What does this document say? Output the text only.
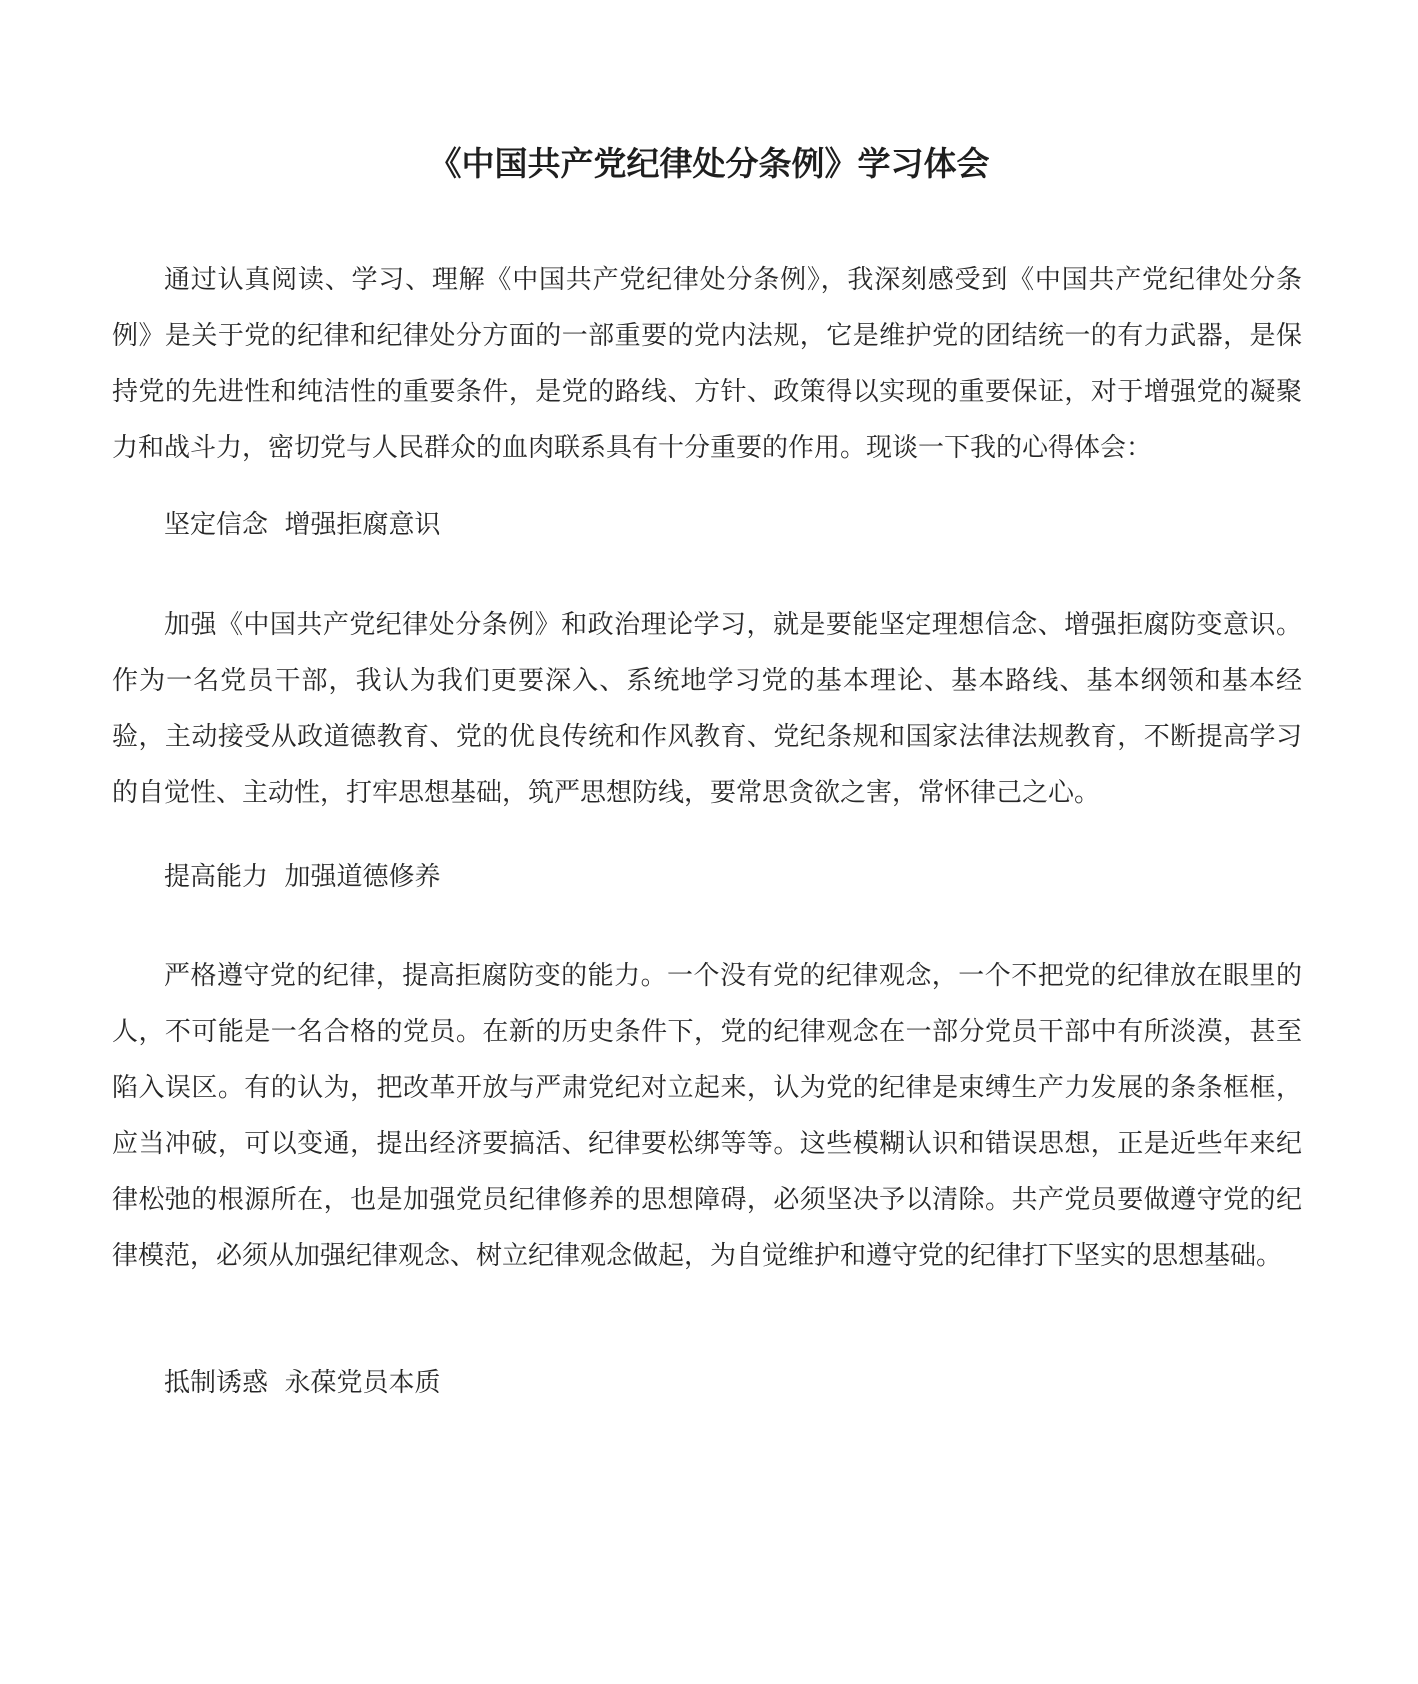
《中国共产党纪律处分条例》学习体会

通过认真阅读、学习、理解《中国共产党纪律处分条例》，我深刻感受到《中国共产党纪律处分条例》是关于党的纪律和纪律处分方面的一部重要的党内法规，它是维护党的团结统一的有力武器，是保持党的先进性和纯洁性的重要条件，是党的路线、方针、政策得以实现的重要保证，对于增强党的凝聚力和战斗力，密切党与人民群众的血肉联系具有十分重要的作用。现谈一下我的心得体会：

坚定信念  增强拒腐意识

加强《中国共产党纪律处分条例》和政治理论学习，就是要能坚定理想信念、增强拒腐防变意识。作为一名党员干部，我认为我们更要深入、系统地学习党的基本理论、基本路线、基本纲领和基本经验，主动接受从政道德教育、党的优良传统和作风教育、党纪条规和国家法律法规教育，不断提高学习的自觉性、主动性，打牢思想基础，筑严思想防线，要常思贪欲之害，常怀律己之心。

提高能力  加强道德修养

严格遵守党的纪律，提高拒腐防变的能力。一个没有党的纪律观念，一个不把党的纪律放在眼里的人，不可能是一名合格的党员。在新的历史条件下，党的纪律观念在一部分党员干部中有所淡漠，甚至陷入误区。有的认为，把改革开放与严肃党纪对立起来，认为党的纪律是束缚生产力发展的条条框框，应当冲破，可以变通，提出经济要搞活、纪律要松绑等等。这些模糊认识和错误思想，正是近些年来纪律松弛的根源所在，也是加强党员纪律修养的思想障碍，必须坚决予以清除。共产党员要做遵守党的纪律模范，必须从加强纪律观念、树立纪律观念做起，为自觉维护和遵守党的纪律打下坚实的思想基础。

抵制诱惑  永葆党员本质
